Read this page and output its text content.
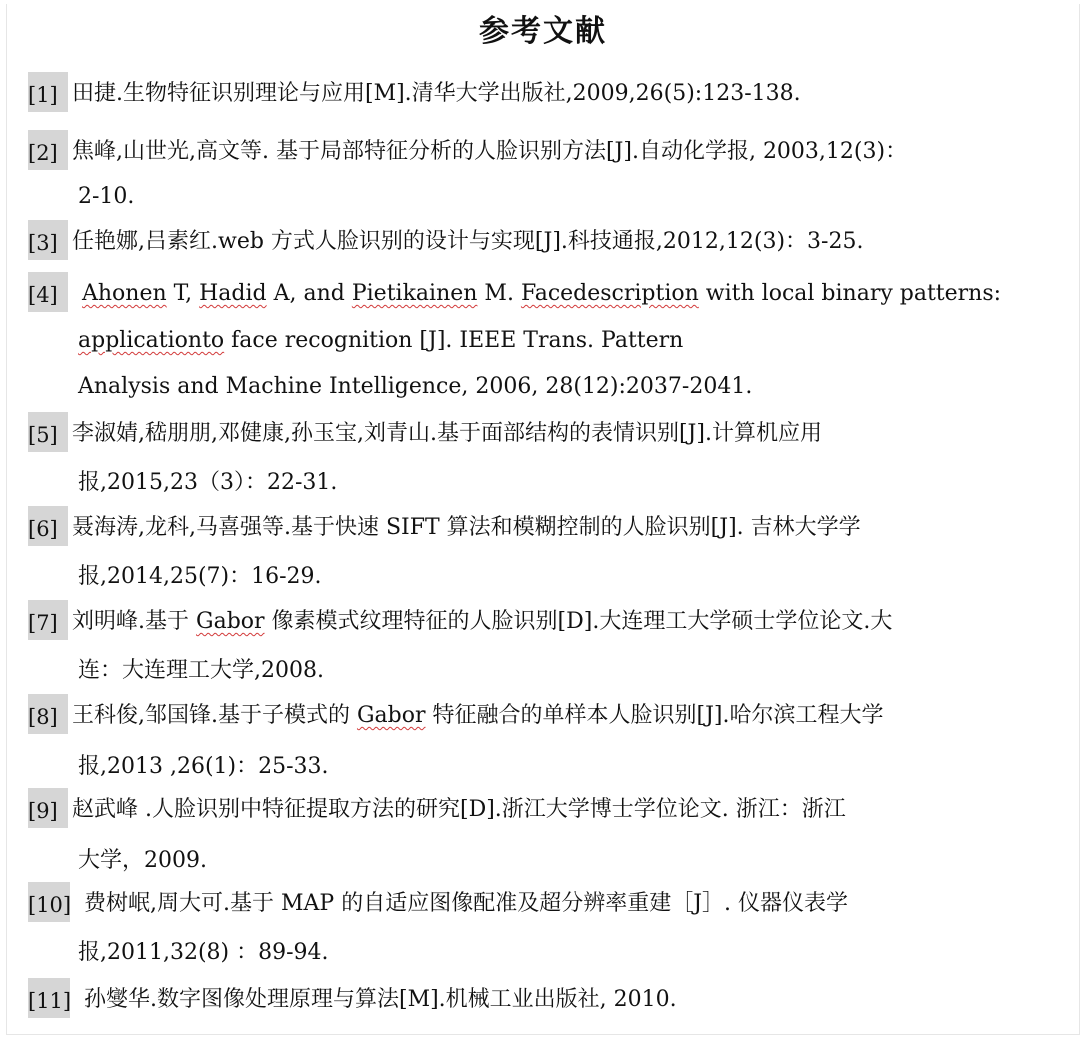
参考文献
[1] 田捷.生物特征识别理论与应用[M].清华大学出版社,2009,26(5):123-138.
[2] 焦峰,山世光,高文等. 基于局部特征分析的人脸识别方法[J].自动化学报, 2003,12(3)：
2-10.
[3] 任艳娜,吕素红.web 方式人脸识别的设计与实现[J].科技通报,2012,12(3)：3-25.
[4]	Ahonen T, Hadid A, and Pietikainen M. Facedescription with local binary patterns:
applicationto face recognition [J]. IEEE Trans. Pattern
Analysis and Machine Intelligence, 2006, 28(12):2037-2041.
[5] 李淑婧,嵇朋朋,邓健康,孙玉宝,刘青山.基于面部结构的表情识别[J].计算机应用
报,2015,23（3）：22-31.
[6] 聂海涛,龙科,马喜强等.基于快速 SIFT 算法和模糊控制的人脸识别[J]. 吉林大学学
报,2014,25(7)：16-29.
[7] 刘明峰.基于 Gabor 像素模式纹理特征的人脸识别[D].大连理工大学硕士学位论文.大
连：大连理工大学,2008.
[8] 王科俊,邹国锋.基于子模式的 Gabor 特征融合的单样本人脸识别[J].哈尔滨工程大学
报,2013 ,26(1)：25-33.
[9] 赵武峰 .人脸识别中特征提取方法的研究[D].浙江大学博士学位论文. 浙江：浙江
大学，2009.
[10] 费树岷,周大可.基于 MAP 的自适应图像配准及超分辨率重建［J］. 仪器仪表学
报,2011,32(8) ：89-94.
[11] 孙燮华.数字图像处理原理与算法[M].机械工业出版社, 2010.
